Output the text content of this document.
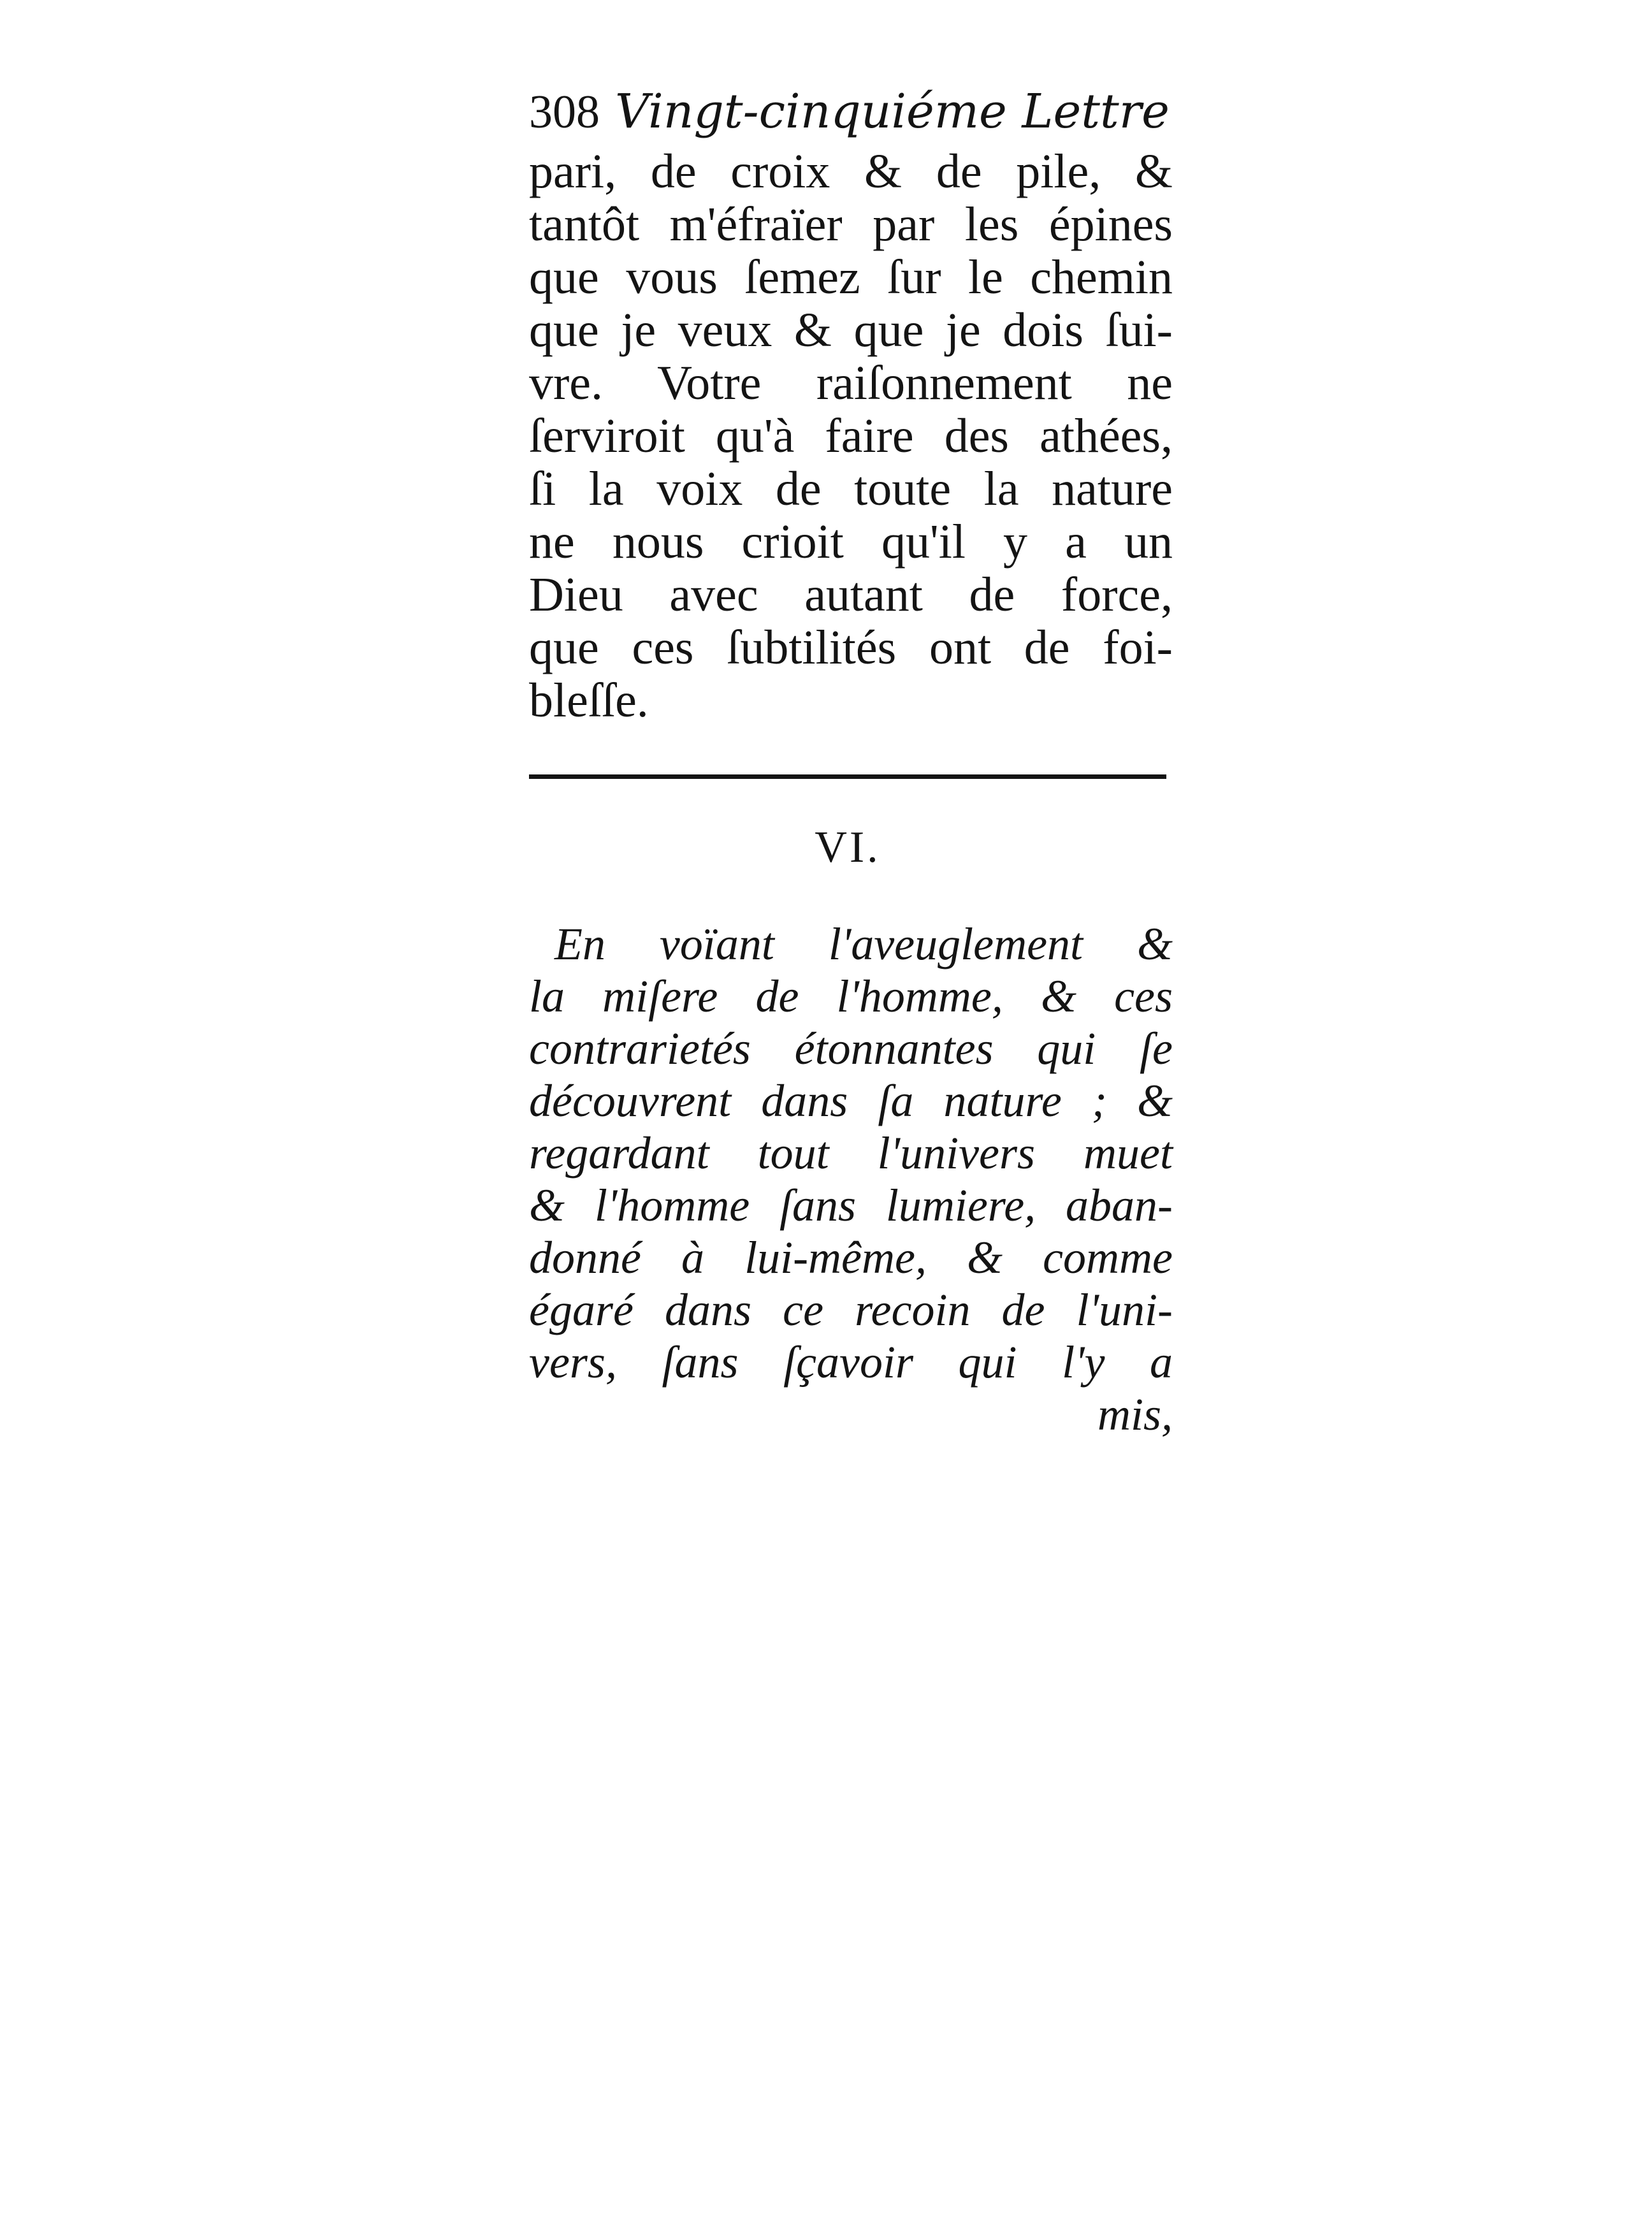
308 Vingt-cinquiéme Lettre
pari, de croix & de pile, &
tantôt m'éfraïer par les épines
que vous ſemez ſur le chemin
que je veux & que je dois ſui-
vre. Votre raiſonnement ne
ſerviroit qu'à faire des athées,
ſi la voix de toute la nature
ne nous crioit qu'il y a un
Dieu avec autant de force,
que ces ſubtilités ont de foi-
bleſſe.
VI.
En voïant l'aveuglement &
la miſere de l'homme, & ces
contrarietés étonnantes qui ſe
découvrent dans ſa nature ; &
regardant tout l'univers muet
& l'homme ſans lumiere, aban-
donné à lui-même, & comme
égaré dans ce recoin de l'uni-
vers, ſans ſçavoir qui l'y a
mis,
